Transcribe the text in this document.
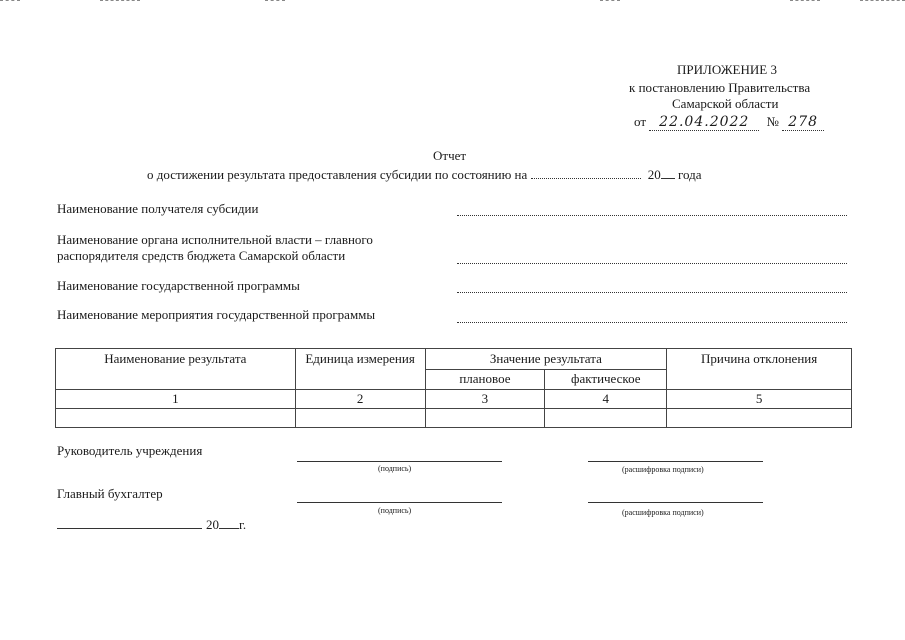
ПРИЛОЖЕНИЕ 3
к постановлению Правительства
Самарской области
от 22.04.2022 № 278
Отчет
о достижении результата предоставления субсидии по состоянию на	20 года
Наименование получателя субсидии
Наименование органа исполнительной власти – главного распорядителя средств бюджета Самарской области
Наименование государственной программы
Наименование мероприятия государственной программы
Наименование результата	Единица измерения	Значение результата		Причина отклонения
		плановое	фактическое	
1	2	3	4	5

Руководитель учреждения
(подпись)	(расшифровка подписи)
Главный бухгалтер
(подпись)	(расшифровка подписи)
20 г.
